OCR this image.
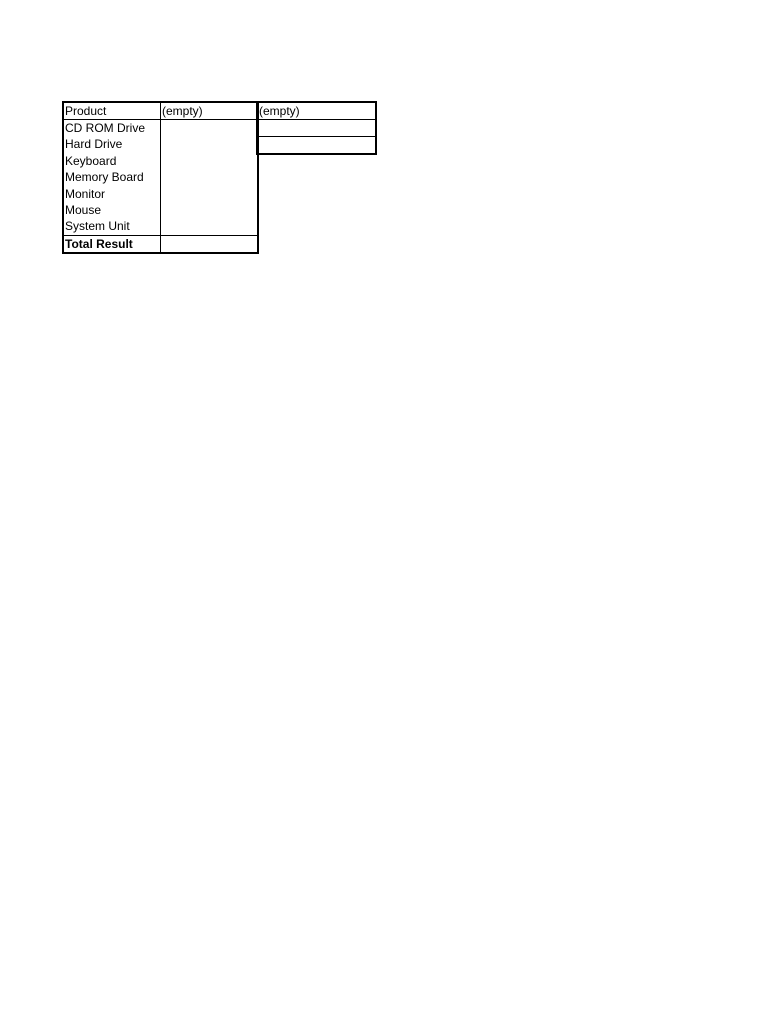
Product	(empty)
CD ROM Drive
Hard Drive
Keyboard
Memory Board
Monitor
Mouse
System Unit
Total Result
(empty)
